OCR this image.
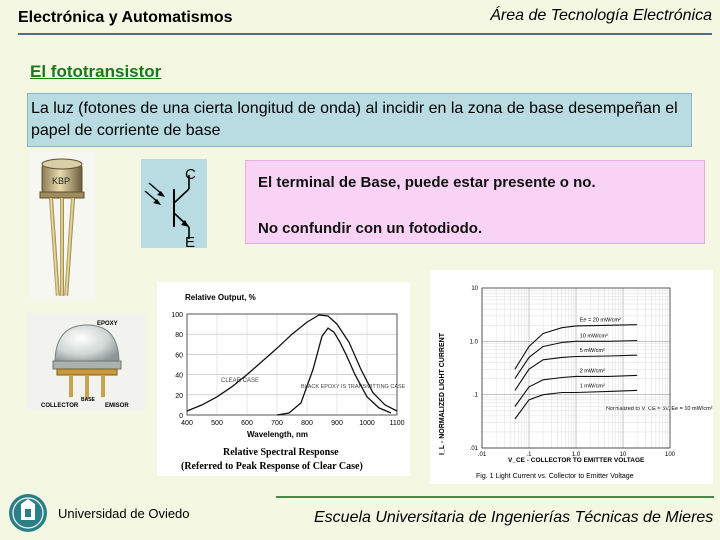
Electrónica y Automatismos	Área de Tecnología Electrónica
El fototransistor
La luz (fotones de una cierta longitud de onda) al incidir en la zona de base desempeñan el papel de corriente de base
KBP	C
E
El terminal de Base, puede estar presente o no.
No confundir con un fotodiodo.
EPOXY
COLLECTOR
BASE
EMISOR
Relative Output, %
Wavelength, nm
Relative Spectral Response
(Referred to Peak Response of Clear Case)
CLEAR CASE
BLACK EPOXY IS TRANSMITTING CASE
0
20
40
60
80
100
400	500	600	700	800	900 1000 1100	I_L - NORMALIZED LIGHT CURRENT
V_CE - COLLECTOR TO EMITTER VOLTAGE
Fig. 1 Light Current vs. Collector to Emitter Voltage
Normalized to V_CE = 5V, Ee = 10 mW/cm²
.01	.1	1.0	10	100
10
1.0
.1
.01
Ee = 20 mW/cm²
10 mW/cm²
5 mW/cm²
2 mW/cm²
1 mW/cm²
Universidad de Oviedo	Escuela Universitaria de Ingenierías Técnicas de Mieres
